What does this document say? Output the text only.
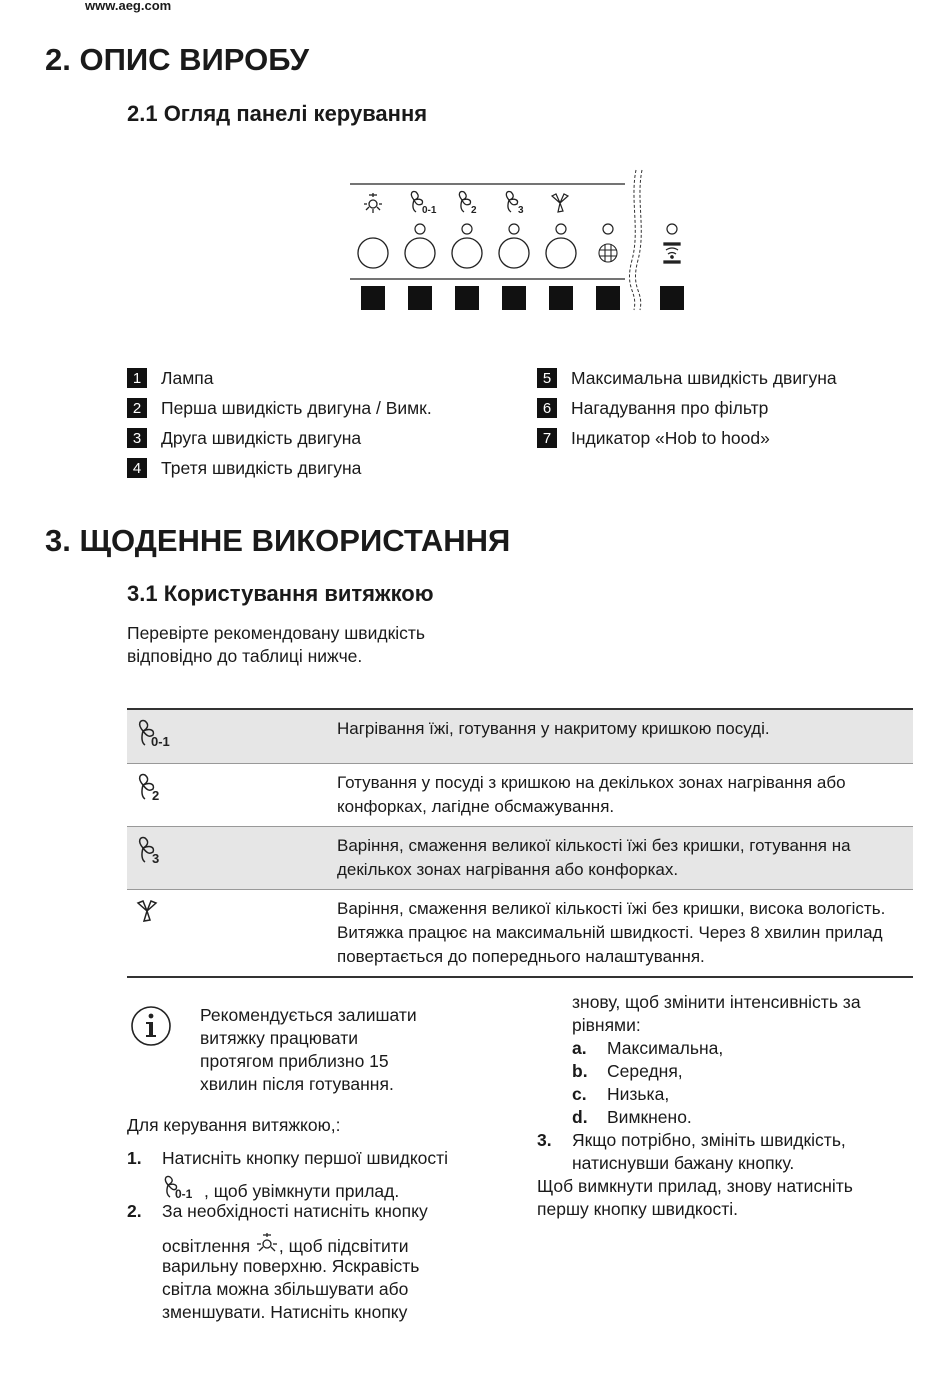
www.aeg.com
2. ОПИС ВИРОБУ
2.1 Огляд панелі керування
0-1	2	3
1	Лампа
2	Перша швидкість двигуна / Вимк.
3	Друга швидкість двигуна
4	Третя швидкість двигуна
5	Максимальна швидкість двигуна
6	Нагадування про фільтр
7	Індикатор «Hob to hood»
3. ЩОДЕННЕ ВИКОРИСТАННЯ
3.1 Користування витяжкою
Перевірте рекомендовану швидкість
відповідно до таблиці нижче.
0-1	Нагрівання їжі, готування у накритому кришкою посуді.

2	Готування у посуді з кришкою на декількох зонах нагрівання або конфорках, лагідне обсмажування.

3	Варіння, смаження великої кількості їжі без кришки, готування на декількох зонах нагрівання або конфорках.
	Варіння, смаження великої кількості їжі без кришки, висока вологість. Витяжка працює на максимальній швидкості. Через 8 хвилин прилад повертається до попереднього налаштування.
Рекомендується залишати
витяжку працювати
протягом приблизно 15
хвилин після готування.
Для керування витяжкою,:
1. Натисніть кнопку першої швидкості
0-1 , щоб увімкнути прилад.
2. За необхідності натисніть кнопку
освітлення , щоб підсвітити
варильну поверхню. Яскравість
світла можна збільшувати або
зменшувати. Натисніть кнопку
знову, щоб змінити інтенсивність за
рівнями:
a. Максимальна,
b. Середня,
c. Низька,
d. Вимкнено.
3. Якщо потрібно, змініть швидкість,
натиснувши бажану кнопку.
Щоб вимкнути прилад, знову натисніть
першу кнопку швидкості.
